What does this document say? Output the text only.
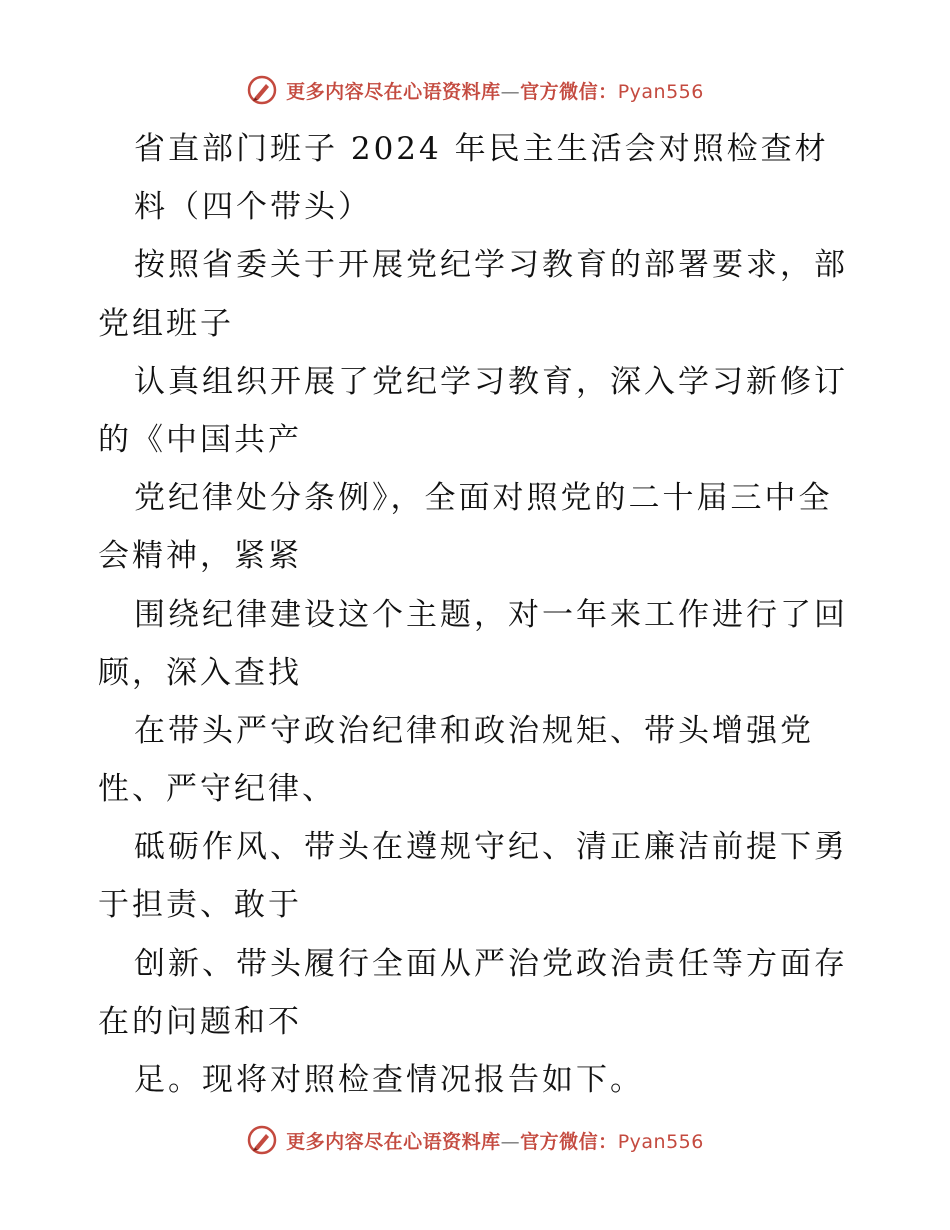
更多内容尽在心语资料库—官方微信：Pyan556
省直部门班子 2024 年民主生活会对照检查材
料（四个带头）
按照省委关于开展党纪学习教育的部署要求，部
党组班子
认真组织开展了党纪学习教育，深入学习新修订
的《中国共产
党纪律处分条例》，全面对照党的二十届三中全
会精神，紧紧
围绕纪律建设这个主题，对一年来工作进行了回
顾，深入查找
在带头严守政治纪律和政治规矩、带头增强党
性、严守纪律、
砥砺作风、带头在遵规守纪、清正廉洁前提下勇
于担责、敢于
创新、带头履行全面从严治党政治责任等方面存
在的问题和不
足。现将对照检查情况报告如下。
更多内容尽在心语资料库—官方微信：Pyan556
